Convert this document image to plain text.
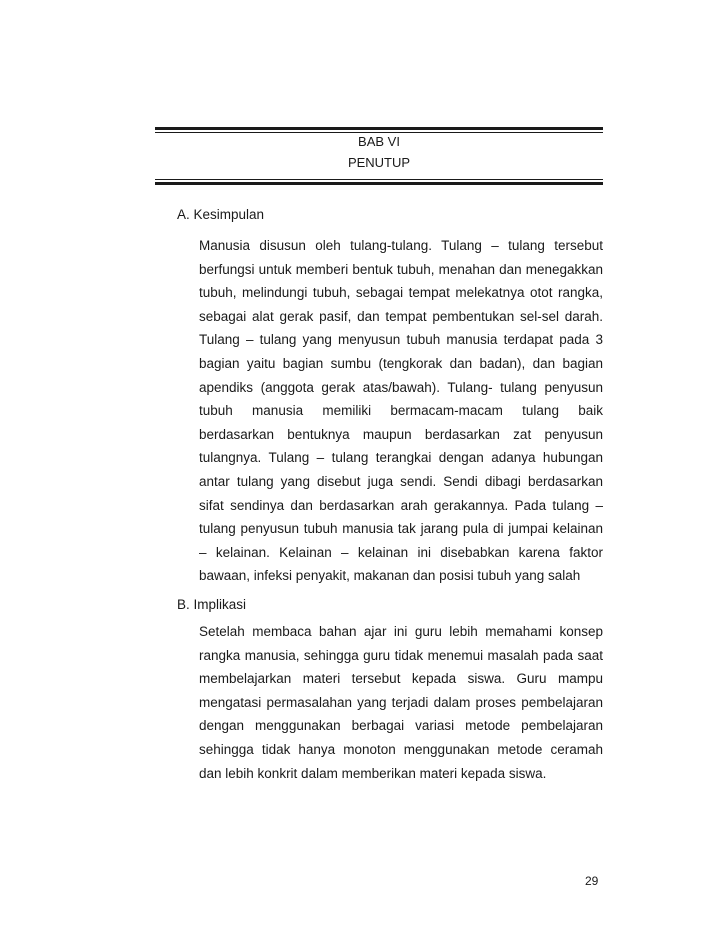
BAB VI
PENUTUP
A. Kesimpulan

Manusia disusun oleh tulang-tulang. Tulang – tulang tersebut berfungsi untuk memberi bentuk tubuh, menahan dan menegakkan tubuh, melindungi tubuh, sebagai tempat melekatnya otot rangka, sebagai alat gerak pasif, dan tempat pembentukan sel-sel darah. Tulang – tulang yang menyusun tubuh manusia terdapat pada 3 bagian yaitu bagian sumbu (tengkorak dan badan), dan bagian apendiks (anggota gerak atas/bawah). Tulang- tulang penyusun tubuh manusia memiliki bermacam-macam tulang baik berdasarkan bentuknya maupun berdasarkan zat penyusun tulangnya. Tulang – tulang terangkai dengan adanya hubungan antar tulang yang disebut juga sendi. Sendi dibagi berdasarkan sifat sendinya dan berdasarkan arah gerakannya. Pada tulang – tulang penyusun tubuh manusia tak jarang pula di jumpai kelainan – kelainan. Kelainan – kelainan ini disebabkan karena faktor bawaan, infeksi penyakit, makanan dan posisi tubuh yang salah

B. Implikasi

Setelah membaca bahan ajar ini guru lebih memahami konsep rangka manusia, sehingga guru tidak menemui masalah pada saat membelajarkan materi tersebut kepada siswa. Guru mampu mengatasi permasalahan yang terjadi dalam proses pembelajaran dengan menggunakan berbagai variasi metode pembelajaran sehingga tidak hanya monoton menggunakan metode ceramah dan lebih konkrit dalam memberikan materi kepada siswa.

29
